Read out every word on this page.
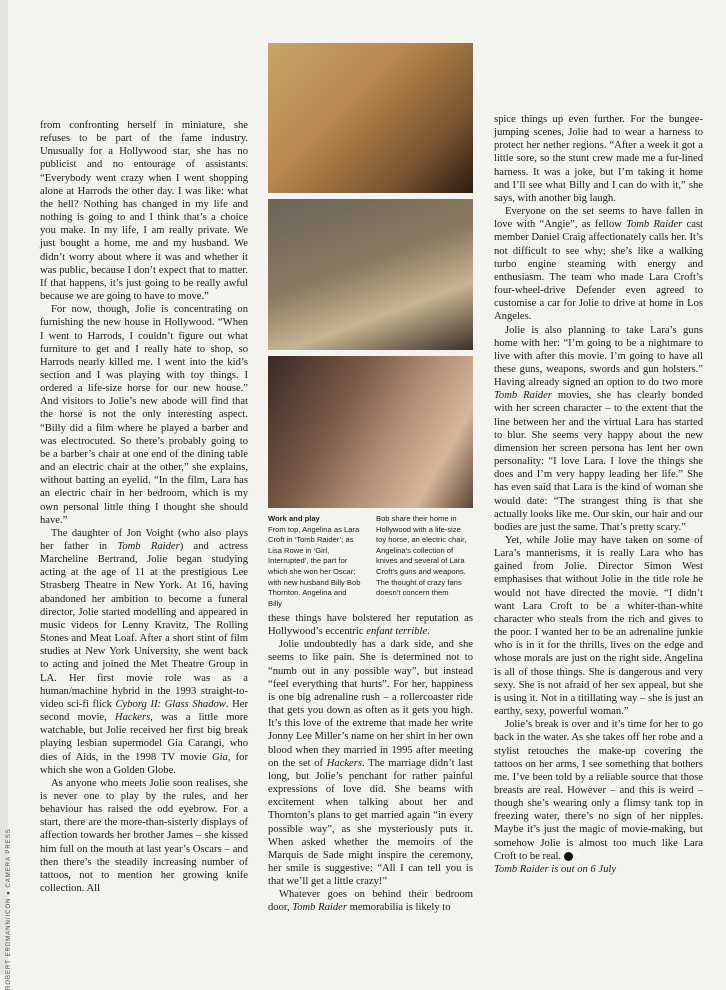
ROBERT ERDMANN/ICON ● CAMERA PRESS

from confronting herself in miniature, she refuses to be part of the fame industry. Unusually for a Hollywood star, she has no publicist and no entourage of assistants. “Everybody went crazy when I went shopping alone at Harrods the other day. I was like: what the hell? Nothing has changed in my life and nothing is going to and I think that’s a choice you make. In my life, I am really private. We just bought a home, me and my husband. We didn’t worry about where it was and whether it was public, because I don’t expect that to matter. If that happens, it’s just going to be really awful because we are going to have to move.”

For now, though, Jolie is concentrating on furnishing the new house in Hollywood. “When I went to Harrods, I couldn’t figure out what furniture to get and I really hate to shop, so Harrods nearly killed me. I went into the kid’s section and I was playing with toy things. I ordered a life-size horse for our new house.” And visitors to Jolie’s new abode will find that the horse is not the only interesting aspect. “Billy did a film where he played a barber and was electrocuted. So there’s probably going to be a barber’s chair at one end of the dining table and an electric chair at the other,” she explains, without batting an eyelid. “In the film, Lara has an electric chair in her bedroom, which is my own personal little thing I thought she should have.”

The daughter of Jon Voight (who also plays her father in Tomb Raider) and actress Marcheline Bertrand, Jolie began studying acting at the age of 11 at the prestigious Lee Strasberg Theatre in New York. At 16, having abandoned her ambition to become a funeral director, Jolie started modelling and appeared in music videos for Lenny Kravitz, The Rolling Stones and Meat Loaf. After a short stint of film studies at New York University, she went back to acting and joined the Met Theatre Group in LA. Her first movie role was as a human/machine hybrid in the 1993 straight-to-video sci-fi flick Cyborg II: Glass Shadow. Her second movie, Hackers, was a little more watchable, but Jolie received her first big break playing lesbian supermodel Gia Carangi, who dies of Aids, in the 1998 TV movie Gia, for which she won a Golden Globe.

As anyone who meets Jolie soon realises, she is never one to play by the rules, and her behaviour has raised the odd eyebrow. For a start, there are the more-than-sisterly displays of affection towards her brother James – she kissed him full on the mouth at last year’s Oscars – and then there’s the steadily increasing number of tattoos, not to mention her growing knife collection. All

Work and play
From top, Angelina as Lara Croft in ‘Tomb Raider’; as Lisa Rowe in ‘Girl, Interrupted’, the part for which she won her Oscar; with new husband Billy Bob Thornton. Angelina and Billy
Bob share their home in Hollywood with a life-size toy horse, an electric chair, Angelina’s collection of knives and several of Lara Croft’s guns and weapons. The thought of crazy fans doesn’t concern them

these things have bolstered her reputation as Hollywood’s eccentric enfant terrible.

Jolie undoubtedly has a dark side, and she seems to like pain. She is determined not to “numb out in any possible way”, but instead “feel everything that hurts”. For her, happiness is one big adrenaline rush – a rollercoaster ride that gets you down as often as it gets you high. It’s this love of the extreme that made her write Jonny Lee Miller’s name on her shirt in her own blood when they married in 1995 after meeting on the set of Hackers. The marriage didn’t last long, but Jolie’s penchant for rather painful expressions of love did. She beams with excitement when talking about her and Thornton’s plans to get married again “in every possible way”, as she mysteriously puts it. When asked whether the memoirs of the Marquis de Sade might inspire the ceremony, her smile is suggestive: “All I can tell you is that we’ll get a little crazy!”

Whatever goes on behind their bedroom door, Tomb Raider memorabilia is likely to

spice things up even further. For the bungee-jumping scenes, Jolie had to wear a harness to protect her nether regions. “After a week it got a little sore, so the stunt crew made me a fur-lined harness. It was a joke, but I’m taking it home and I’ll see what Billy and I can do with it,” she says, with another big laugh.

Everyone on the set seems to have fallen in love with “Angie”, as fellow Tomb Raider cast member Daniel Craig affectionately calls her. It’s not difficult to see why; she’s like a walking turbo engine steaming with energy and enthusiasm. The team who made Lara Croft’s four-wheel-drive Defender even agreed to customise a car for Jolie to drive at home in Los Angeles.

Jolie is also planning to take Lara’s guns home with her: “I’m going to be a nightmare to live with after this movie. I’m going to have all these guns, weapons, swords and gun holsters.” Having already signed an option to do two more Tomb Raider movies, she has clearly bonded with her screen character – to the extent that the line between her and the virtual Lara has started to blur. She seems very happy about the new dimension her screen persona has lent her own personality: “I love Lara. I love the things she does and I’m very happy leading her life.” She has even said that Lara is the kind of woman she would date: “The strangest thing is that she actually looks like me. Our skin, our hair and our bodies are just the same. That’s pretty scary.”

Yet, while Jolie may have taken on some of Lara’s mannerisms, it is really Lara who has gained from Jolie. Director Simon West emphasises that without Jolie in the title role he would not have directed the movie. “I didn’t want Lara Croft to be a whiter-than-white character who steals from the rich and gives to the poor. I wanted her to be an adrenaline junkie who is in it for the thrills, lives on the edge and whose morals are just on the right side. Angelina is all of those things. She is dangerous and very sexy. She is not afraid of her sex appeal, but she is using it. Not in a titillating way – she is just an earthy, sexy, powerful woman.”

Jolie’s break is over and it’s time for her to go back in the water. As she takes off her robe and a stylist retouches the make-up covering the tattoos on her arms, I see something that bothers me. I’ve been told by a reliable source that those breasts are real. However – and this is weird – though she’s wearing only a flimsy tank top in freezing water, there’s no sign of her nipples. Maybe it’s just the magic of movie-making, but somehow Jolie is almost too much like Lara Croft to be real. E

Tomb Raider is out on 6 July
